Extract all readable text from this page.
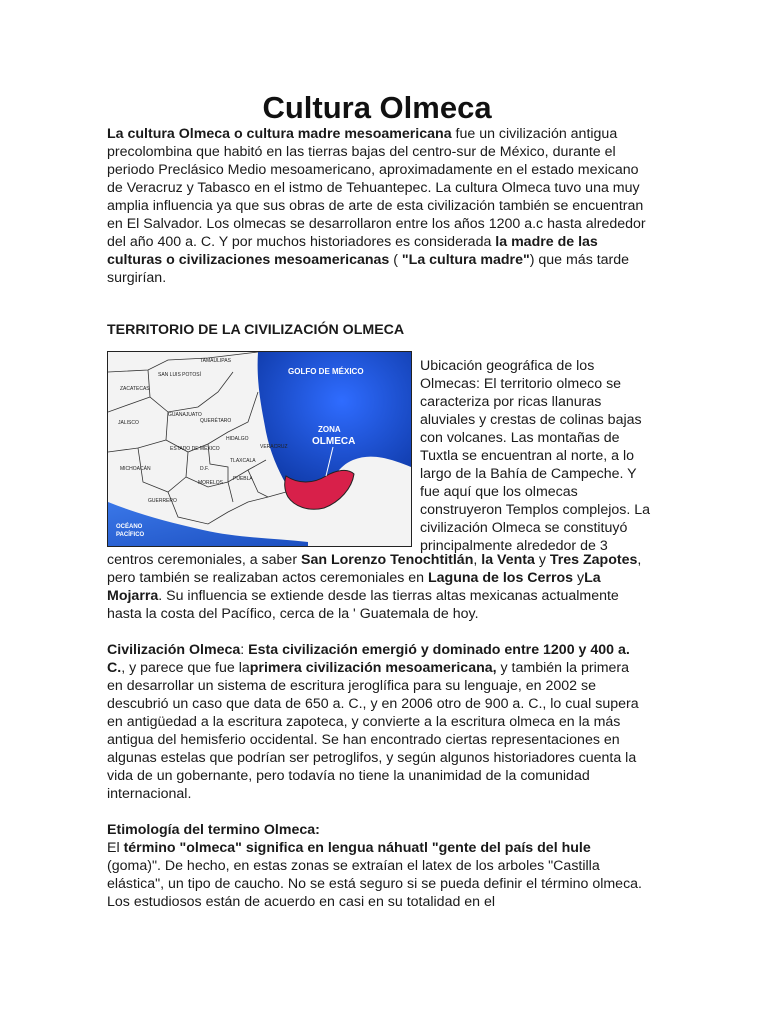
Cultura Olmeca

La cultura Olmeca o cultura madre mesoamericana fue un civilización antigua precolombina que habitó en las tierras bajas del centro-sur de México, durante el periodo Preclásico Medio mesoamericano, aproximadamente en el estado mexicano de Veracruz y Tabasco en el istmo de Tehuantepec. La cultura Olmeca tuvo una muy amplia influencia ya que sus obras de arte de esta civilización también se encuentran en El Salvador. Los olmecas se desarrollaron entre los años 1200 a.c hasta alrededor del año 400 a. C. Y por muchos historiadores es considerada la madre de las culturas o civilizaciones mesoamericanas ( "La cultura madre") que más tarde surgirían.

TERRITORIO DE LA CIVILIZACIÓN OLMECA
TAMAULIPAS
SAN LUIS POTOSÍ
ZACATECAS
JALISCO
GUANAJUATO
QUERÉTARO
HIDALGO
ESTADO DE MÉXICO
D.F.
TLAXCALA
MORELOS
PUEBLA
MICHOACÁN
GUERRERO
VERACRUZ
GOLFO DE MÉXICO
ZONA
OLMECA
OCÉANO
PACÍFICO

Ubicación geográfica de los Olmecas: El territorio olmeco se caracteriza por ricas llanuras aluviales y crestas de colinas bajas con volcanes. Las montañas de Tuxtla se encuentran al norte, a lo largo de la Bahía de Campeche. Y fue aquí que los olmecas construyeron Templos complejos. La civilización Olmeca se constituyó principalmente alrededor de 3

centros ceremoniales, a saber San Lorenzo Tenochtitlán, la Venta y Tres Zapotes, pero también se realizaban actos ceremoniales en Laguna de los Cerros yLa Mojarra. Su influencia se extiende desde las tierras altas mexicanas actualmente hasta la costa del Pacífico, cerca de la ' Guatemala de hoy.

Civilización Olmeca: Esta civilización emergió y dominado entre 1200 y 400 a. C., y parece que fue laprimera civilización mesoamericana, y también la primera en desarrollar un sistema de escritura jeroglífica para su lenguaje, en 2002 se descubrió un caso que data de 650 a. C., y en 2006 otro de 900 a. C., lo cual supera en antigüedad a la escritura zapoteca, y convierte a la escritura olmeca en la más antigua del hemisferio occidental. Se han encontrado ciertas representaciones en algunas estelas que podrían ser petroglifos, y según algunos historiadores cuenta la vida de un gobernante, pero todavía no tiene la unanimidad de la comunidad internacional.

Etimología del termino Olmeca:

El término "olmeca" significa en lengua náhuatl "gente del país del hule (goma)". De hecho, en estas zonas se extraían el latex de los arboles "Castilla elástica", un tipo de caucho. No se está seguro si se pueda definir el término olmeca. Los estudiosos están de acuerdo en casi en su totalidad en el
